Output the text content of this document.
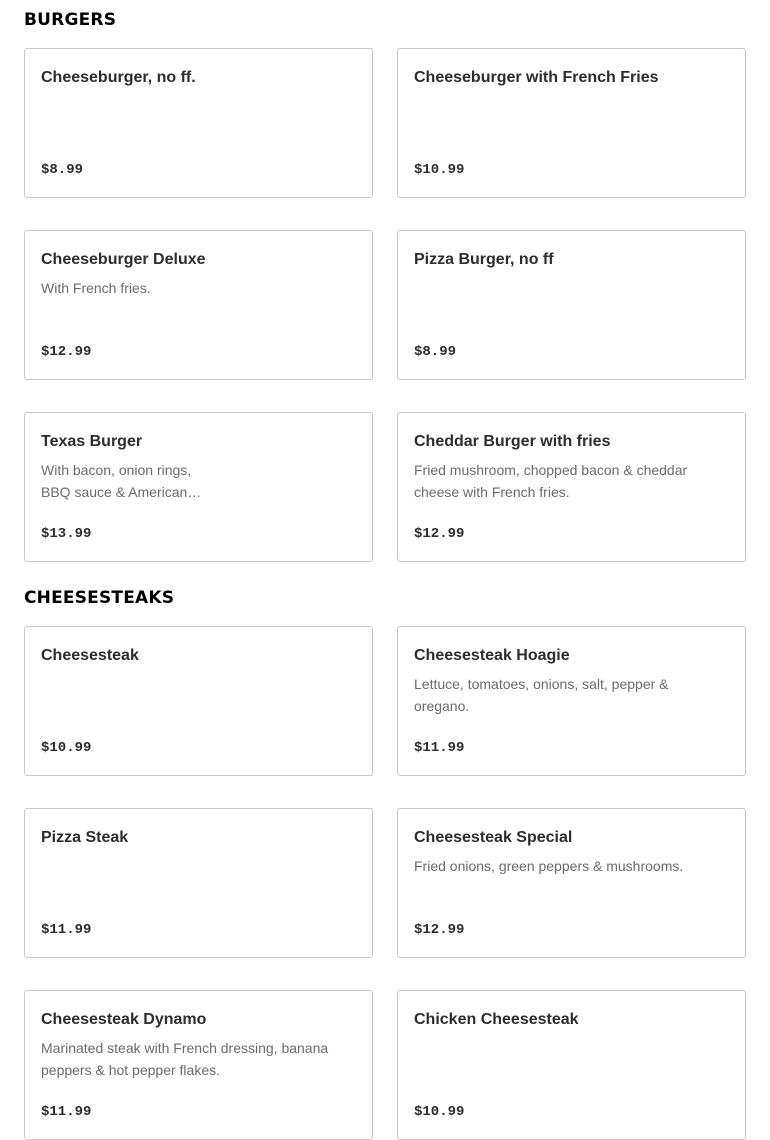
BURGERS
Cheeseburger, no ff.
$8.99
Cheeseburger with French Fries
$10.99
Cheeseburger Deluxe
With French fries.
$12.99
Pizza Burger, no ff
$8.99
Texas Burger
With bacon, onion rings, BBQ sauce & American…
$13.99
Cheddar Burger with fries
Fried mushroom, chopped bacon & cheddar cheese with French fries.
$12.99
CHEESESTEAKS
Cheesesteak
$10.99
Cheesesteak Hoagie
Lettuce, tomatoes, onions, salt, pepper & oregano.
$11.99
Pizza Steak
$11.99
Cheesesteak Special
Fried onions, green peppers & mushrooms.
$12.99
Cheesesteak Dynamo
Marinated steak with French dressing, banana peppers & hot pepper flakes.
$11.99
Chicken Cheesesteak
$10.99
